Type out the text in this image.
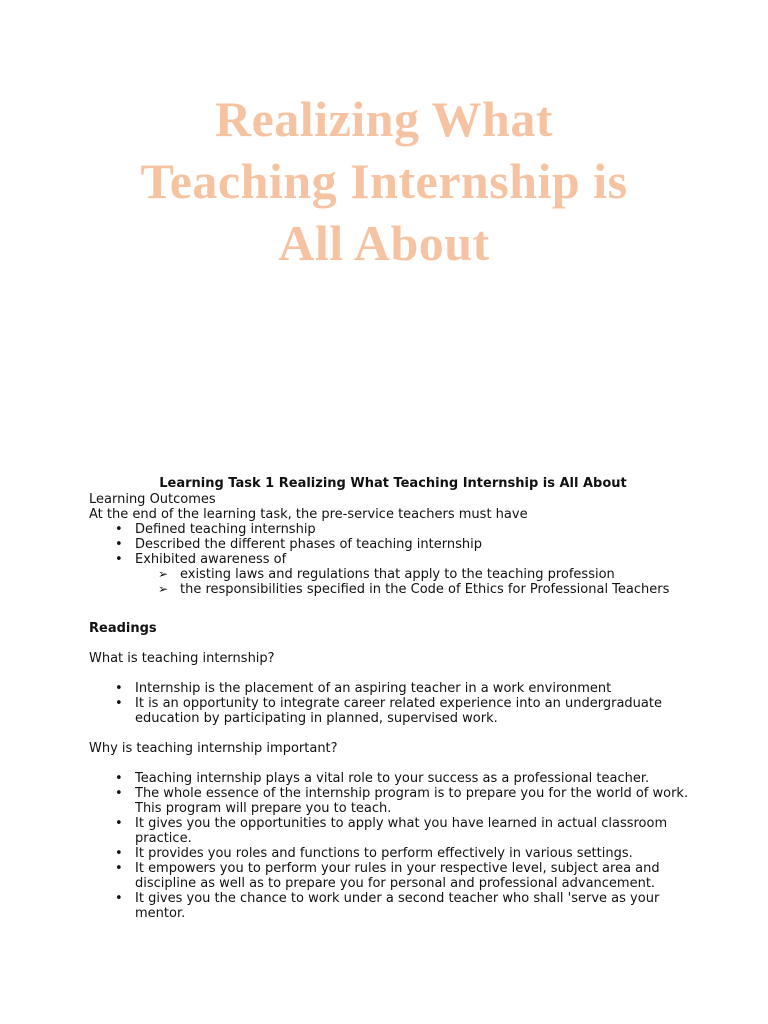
Realizing What
Teaching Internship is
All About

Learning Task 1 Realizing What Teaching Internship is All About

Learning Outcomes

At the end of the learning task, the pre-service teachers must have

• Defined teaching internship
• Described the different phases of teaching internship
• Exhibited awareness of
➢ existing laws and regulations that apply to the teaching profession
➢ the responsibilities specified in the Code of Ethics for Professional Teachers

Readings

What is teaching internship?

• Internship is the placement of an aspiring teacher in a work environment
• It is an opportunity to integrate career related experience into an undergraduate education by participating in planned, supervised work.

Why is teaching internship important?

• Teaching internship plays a vital role to your success as a professional teacher.
• The whole essence of the internship program is to prepare you for the world of work. This program will prepare you to teach.
• It gives you the opportunities to apply what you have learned in actual classroom practice.
• It provides you roles and functions to perform effectively in various settings.
• It empowers you to perform your rules in your respective level, subject area and discipline as well as to prepare you for personal and professional advancement.
• It gives you the chance to work under a second teacher who shall 'serve as your mentor.
